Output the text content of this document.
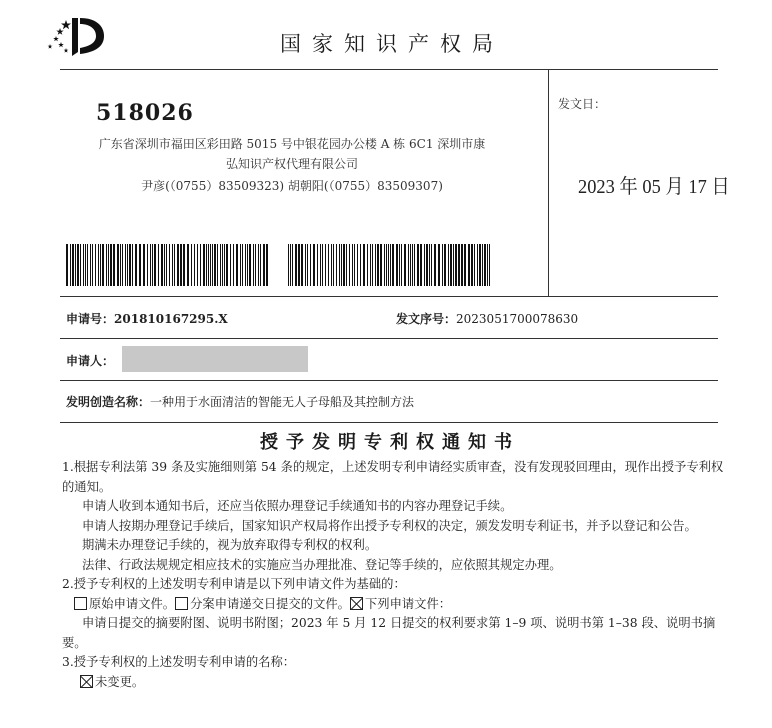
国家知识产权局
518026
广东省深圳市福田区彩田路 5015 号中银花园办公楼 A 栋 6C1 深圳市康
弘知识产权代理有限公司
尹彦(（0755）83509323) 胡朝阳(（0755）83509307)
发文日：
2023 年 05 月 17 日
申请号：201810167295.X	发文序号：2023051700078630
申请人：
发明创造名称：一种用于水面清洁的智能无人子母船及其控制方法
授予发明专利权通知书

1.根据专利法第 39 条及实施细则第 54 条的规定，上述发明专利申请经实质审查，没有发现驳回理由，现作出授予专利权的通知。

申请人收到本通知书后，还应当依照办理登记手续通知书的内容办理登记手续。

申请人按期办理登记手续后，国家知识产权局将作出授予专利权的决定，颁发发明专利证书，并予以登记和公告。

期满未办理登记手续的，视为放弃取得专利权的权利。

法律、行政法规规定相应技术的实施应当办理批准、登记等手续的，应依照其规定办理。

2.授予专利权的上述发明专利申请是以下列申请文件为基础的：

原始申请文件。 分案申请递交日提交的文件。 下列申请文件：

申请日提交的摘要附图、说明书附图；2023 年 5 月 12 日提交的权利要求第 1–9 项、说明书第 1–38 段、说明书摘要。

3.授予专利权的上述发明专利申请的名称：

未变更。
